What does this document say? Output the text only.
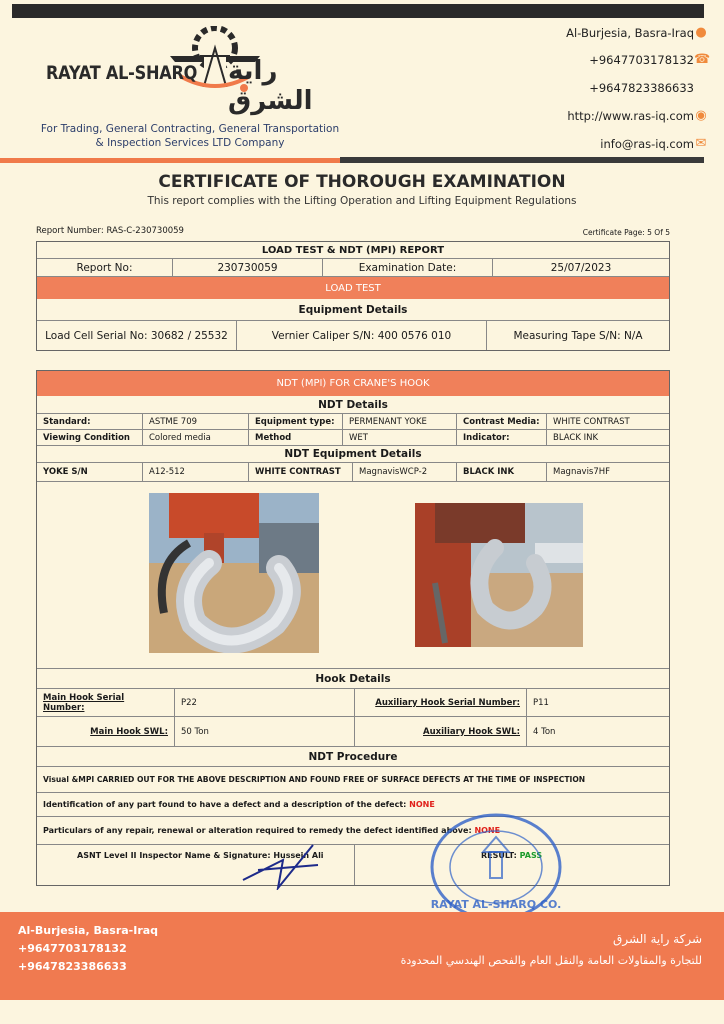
RAYAT AL-SHARQ راية الشرق
For Trading, General Contracting, General Transportation
& Inspection Services LTD Company
Al-Burjesia, Basra-Iraq ●
+9647703178132 ☎
+9647823386633
http://www.ras-iq.com ◉
info@ras-iq.com ✉
CERTIFICATE OF THOROUGH EXAMINATION
This report complies with the Lifting Operation and Lifting Equipment Regulations
Report Number: RAS-C-230730059	Certificate Page: 5 Of 5
LOAD TEST & NDT (MPI) REPORT
Report No:	230730059	Examination Date:	25/07/2023
LOAD TEST
Equipment Details
Load Cell Serial No: 30682 / 25532	Vernier Caliper S/N: 400 0576 010	Measuring Tape S/N: N/A
NDT (MPI) FOR CRANE'S HOOK
NDT Details
Standard:	ASTME 709	Equipment type:	PERMENANT YOKE	Contrast Media:	WHITE CONTRAST
Viewing Condition	Colored media	Method	WET	Indicator:	BLACK INK
NDT Equipment Details
YOKE S/N	A12-512	WHITE CONTRAST	MagnavisWCP-2	BLACK INK	Magnavis7HF
Hook Details
Main Hook Serial Number:	P22	Auxiliary Hook Serial Number:	P11
Main Hook SWL:	50 Ton	Auxiliary Hook SWL:	4 Ton
NDT Procedure
Visual &MPI CARRIED OUT FOR THE ABOVE DESCRIPTION AND FOUND FREE OF SURFACE DEFECTS AT THE TIME OF INSPECTION
Identification of any part found to have a defect and a description of the defect:
NONE
Particulars of any repair, renewal or alteration required to remedy the defect identified above:
NONE
ASNT Level II Inspector Name & Signature:
Hussein Ali	RESULT:
PASS
RAYAT AL-SHARQ CO.
Al-Burjesia, Basra-Iraq
+9647703178132
+9647823386633
شركة راية الشرق
للتجارة والمقاولات العامة والنقل العام والفحص الهندسي المحدودة
